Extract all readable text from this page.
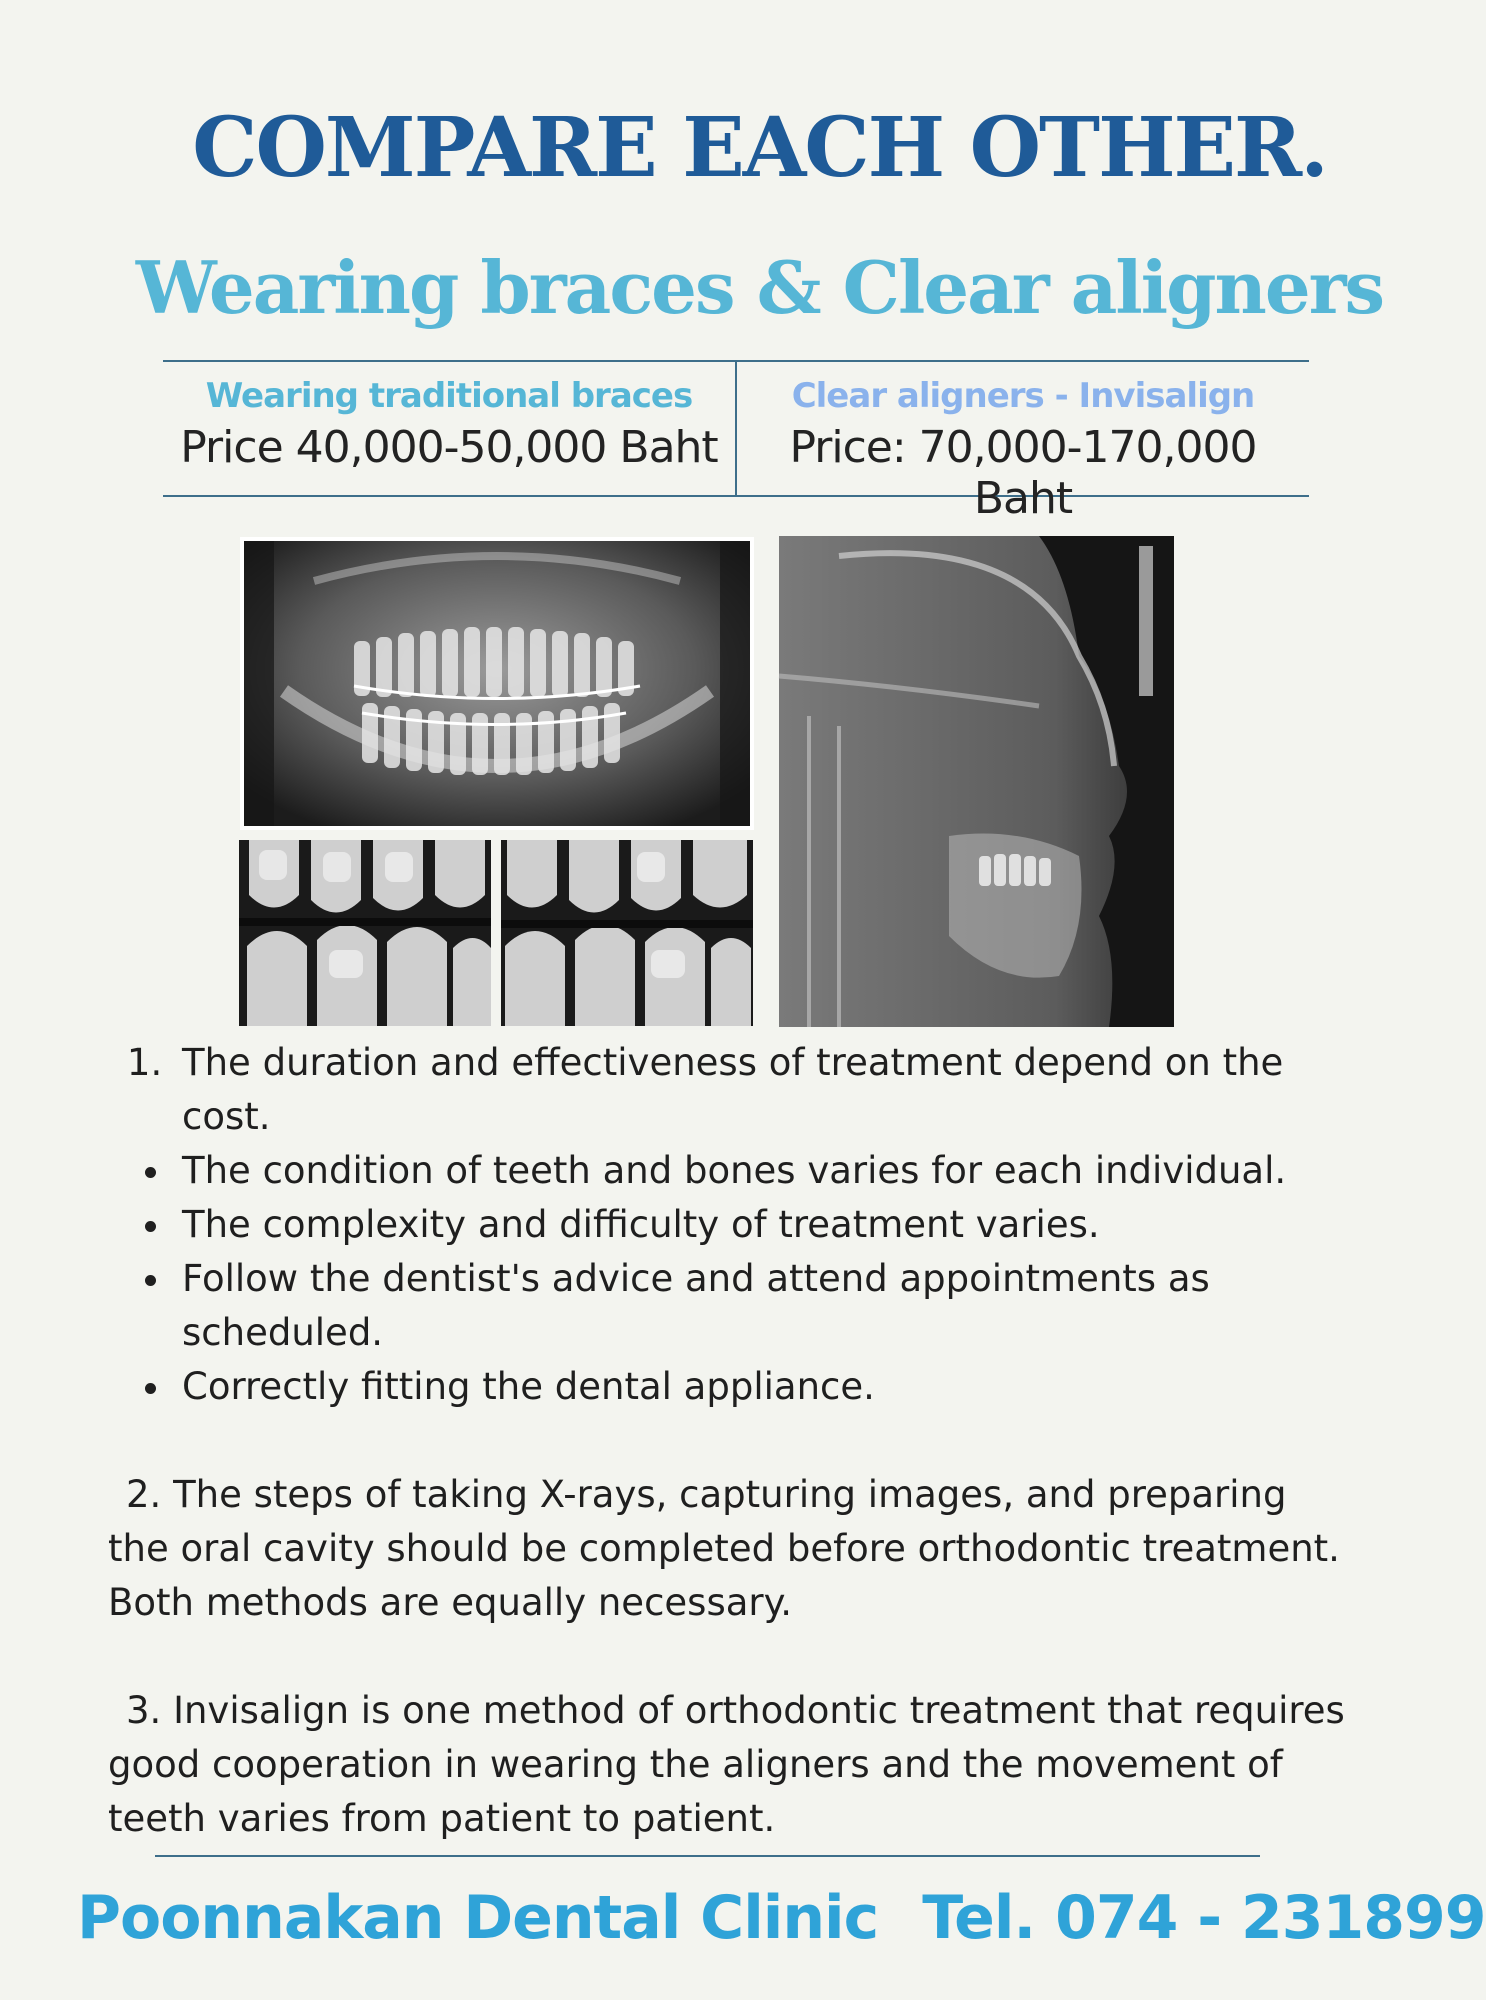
COMPARE EACH OTHER.
Wearing braces & Clear aligners
Wearing traditional braces
Price 40,000-50,000 Baht
Clear aligners - Invisalign
Price: 70,000-170,000 Baht
1. The duration and effectiveness of treatment depend on the cost.
• The condition of teeth and bones varies for each individual.
• The complexity and difficulty of treatment varies.
• Follow the dentist's advice and attend appointments as scheduled.
• Correctly fitting the dental appliance.

2. The steps of taking X-rays, capturing images, and preparing the oral cavity should be completed before orthodontic treatment. Both methods are equally necessary.

3. Invisalign is one method of orthodontic treatment that requires good cooperation in wearing the aligners and the movement of teeth varies from patient to patient.

Poonnakan Dental Clinic Tel. 074 - 231899
